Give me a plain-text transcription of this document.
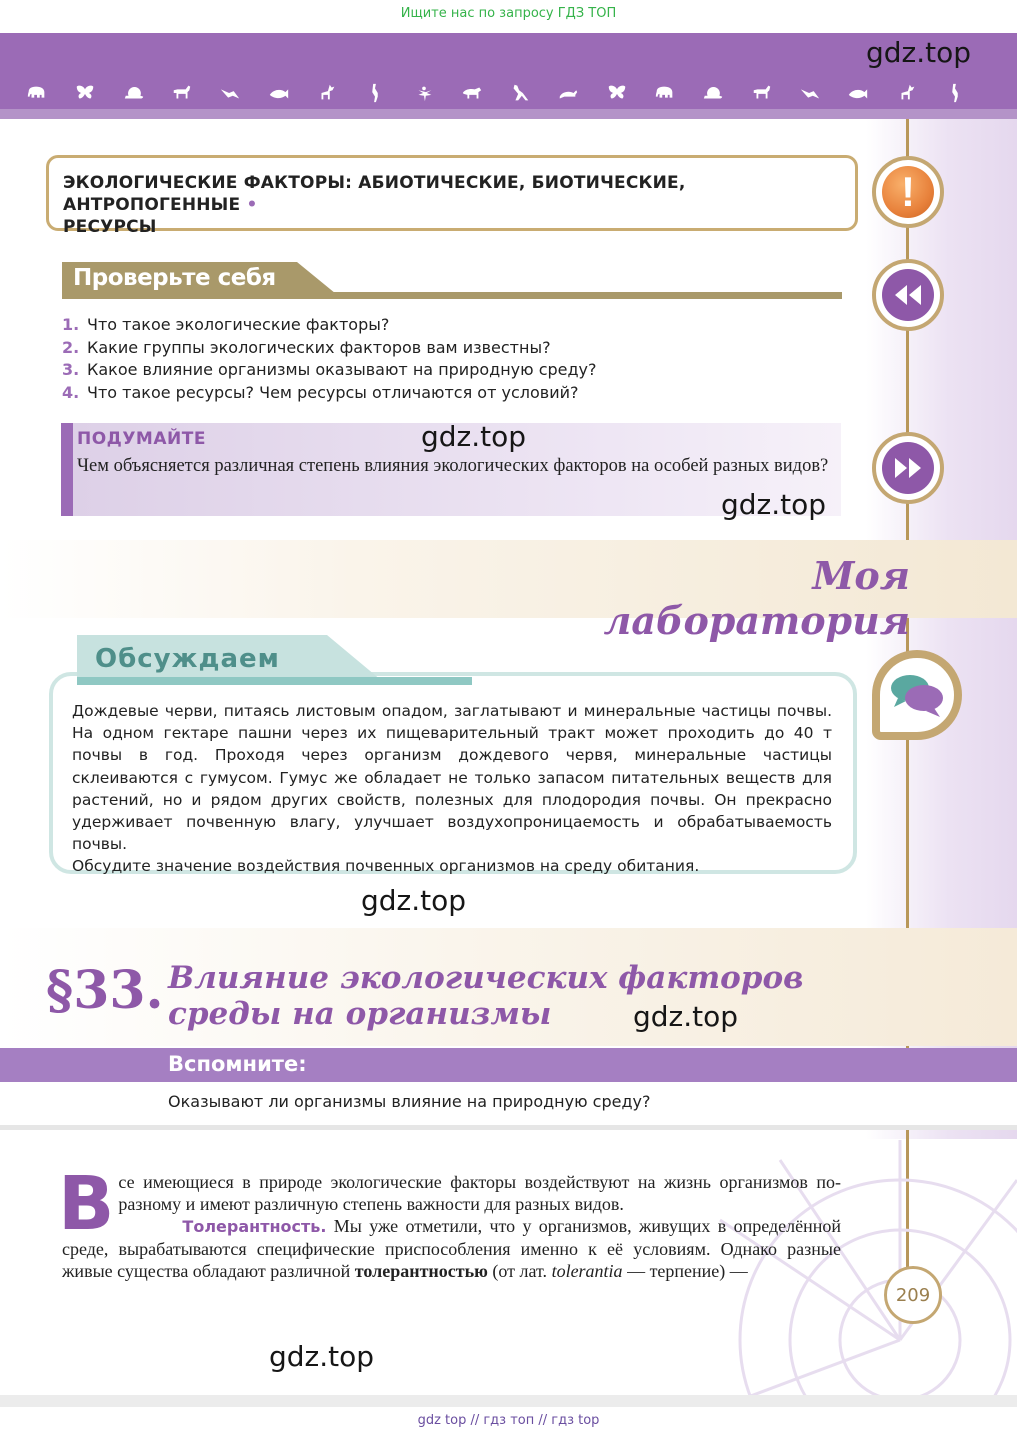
Ищите нас по запросу ГДЗ ТОП
!

ЭКОЛОГИЧЕСКИЕ ФАКТОРЫ: АБИОТИЧЕСКИЕ, БИОТИЧЕСКИЕ, АНТРОПОГЕННЫЕ •

РЕСУРСЫ

Проверьте себя
1. Что такое экологические факторы?
2. Какие группы экологических факторов вам известны?
3. Какое влияние организмы оказывают на природную среду?
4. Что такое ресурсы? Чем ресурсы отличаются от условий?
ПОДУМАЙТЕ
Чем объясняется различная степень влияния экологических факторов на особей разных видов?
Моя лаборатория
Обсуждаем
Дождевые черви, питаясь листовым опадом, заглатывают и минеральные частицы почвы. На одном гектаре пашни через их пищеварительный тракт может проходить до 40 т почвы в год. Проходя через организм дождевого червя, минеральные частицы склеиваются с гумусом. Гумус же обладает не только запасом питательных веществ для растений, но и рядом других свойств, полезных для плодородия почвы. Он прекрасно удерживает почвенную влагу, улучшает воздухопроницаемость и обрабатываемость почвы.
Обсудите значение воздействия почвенных организмов на среду обитания.
§33. Влияние экологических факторов
среды на организмы
Вспомните:
Оказывают ли организмы влияние на природную среду?
В се имеющиеся в природе экологические факторы воздействуют на жизнь организмов по-разному и имеют различную степень важности для разных видов.
Толерантность. Мы уже отметили, что у организмов, живущих в определённой среде, вырабатываются специфические приспособления именно к её условиям. Однако разные живые существа обладают различной толерантностью (от лат. tolerantia — терпение) —
209
gdz.top
gdz.top
gdz.top
gdz.top
gdz.top
gdz.top
gdz top // гдз топ // гдз top
